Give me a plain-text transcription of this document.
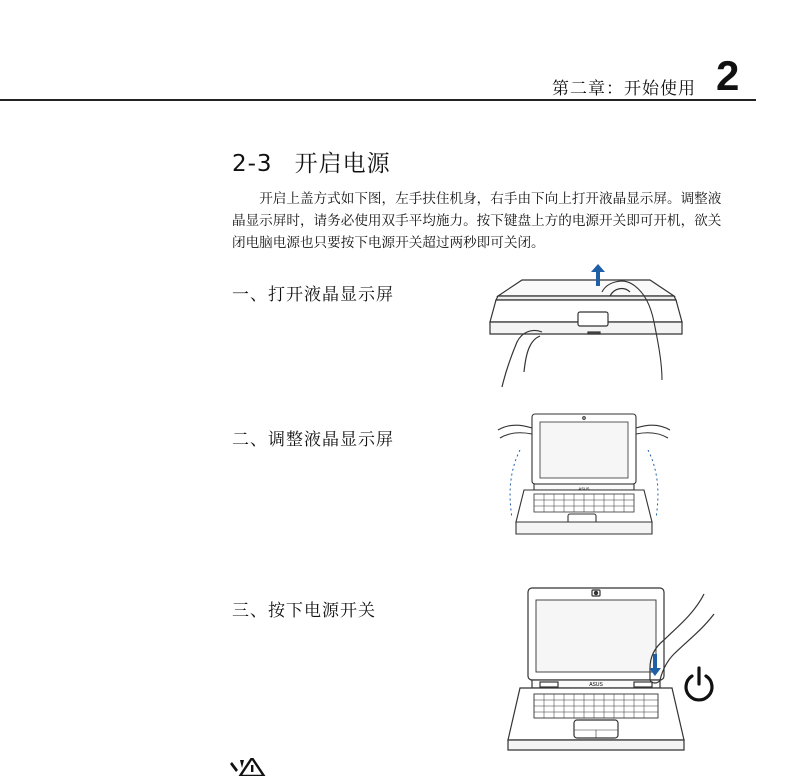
第二章：开始使用 2
2-3 开启电源

开启上盖方式如下图，左手扶住机身，右手由下向上打开液晶显示屏。调整液晶显示屏时，请务必使用双手平均施力。按下键盘上方的电源开关即可开机，欲关闭电脑电源也只要按下电源开关超过两秒即可关闭。

一、打开液晶显示屏
二、调整液晶显示屏
三、按下电源开关
ASUS
ASUS
